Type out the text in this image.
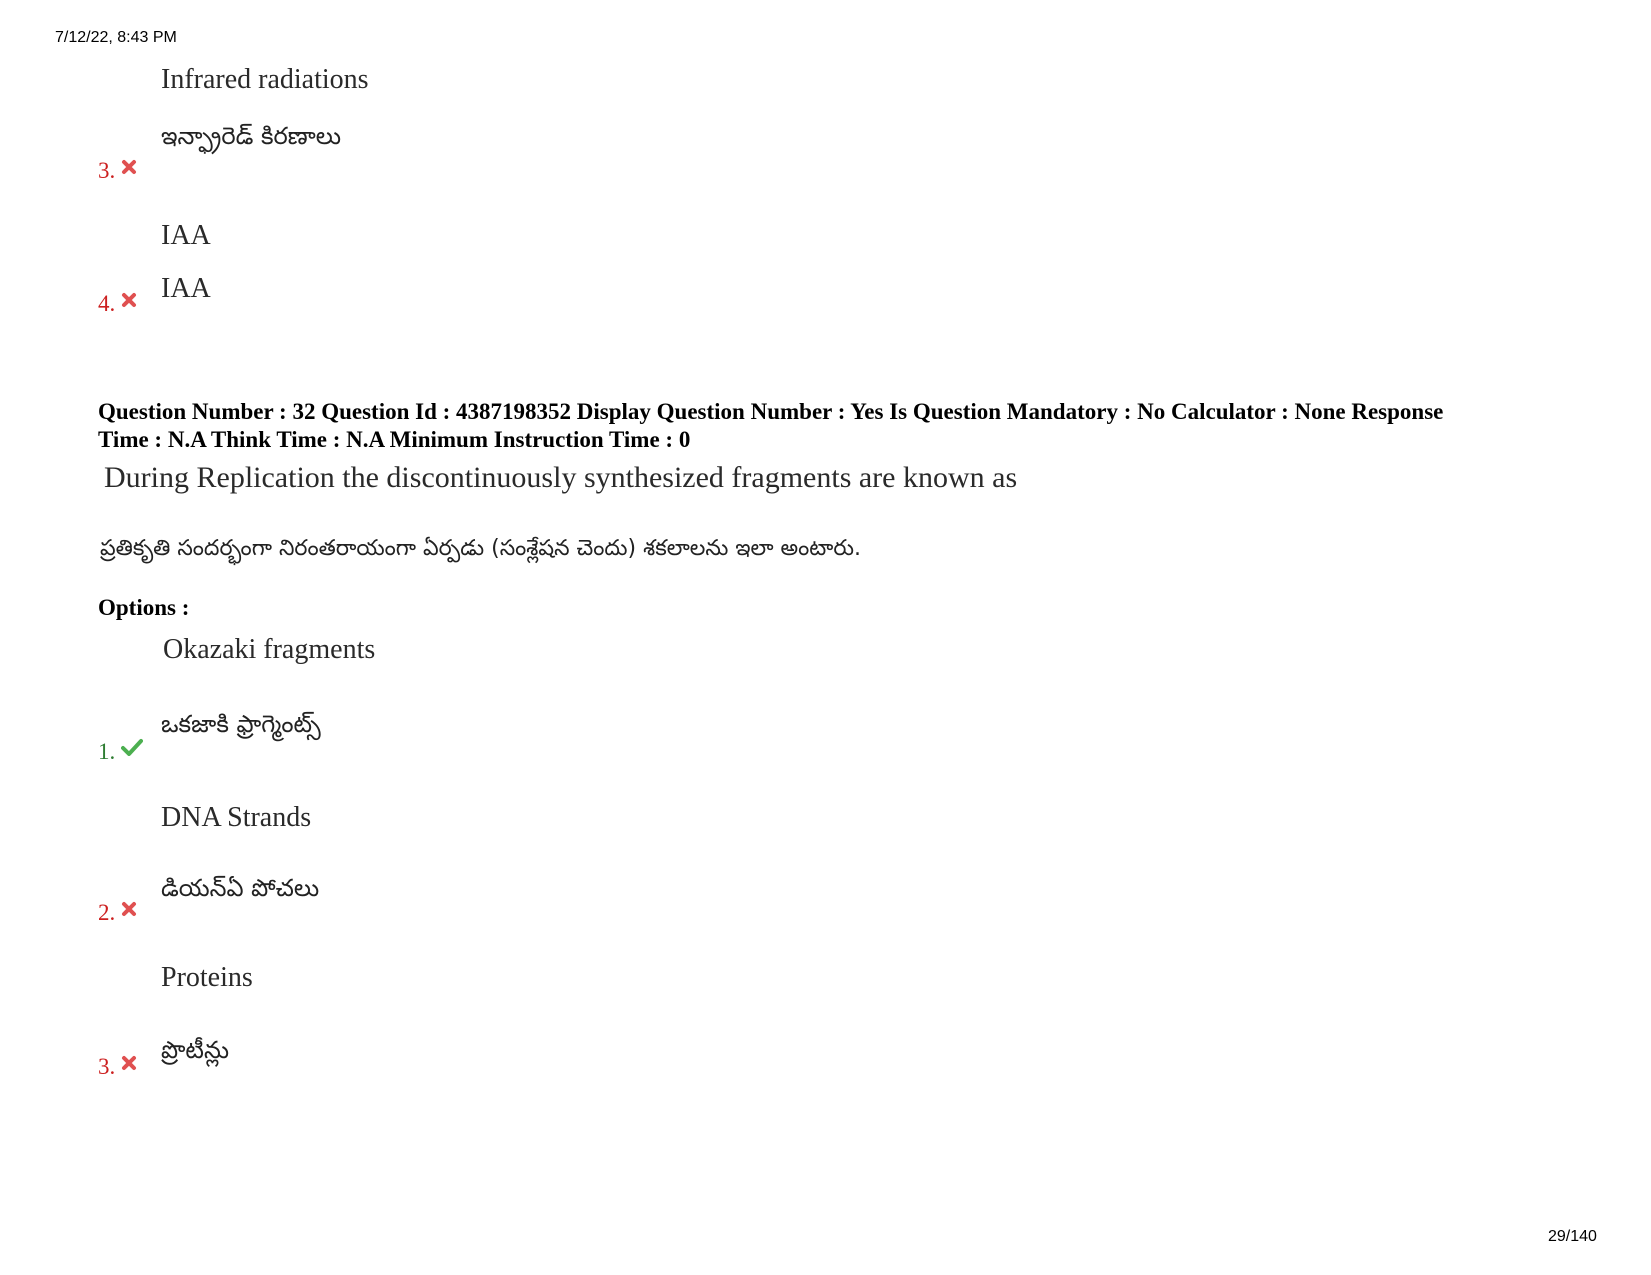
7/12/22, 8:43 PM
29/140
Infrared radiations
ఇన్ఫ్రారెడ్ కిరణాలు
3.
IAA
IAA
4.
Question Number : 32 Question Id : 4387198352 Display Question Number : Yes Is Question Mandatory : No Calculator : None Response
Time : N.A Think Time : N.A Minimum Instruction Time : 0
During Replication the discontinuously synthesized fragments are known as
ప్రతికృతి సందర్భంగా నిరంతరాయంగా ఏర్పడు (సంశ్లేషన చెందు) శకలాలను ఇలా అంటారు.
Options :
Okazaki fragments
ఒకజాకి ఫ్రాగ్మెంట్స్
1.
DNA Strands
డియన్ఏ పోచలు
2.
Proteins
ప్రొటీన్లు
3.
